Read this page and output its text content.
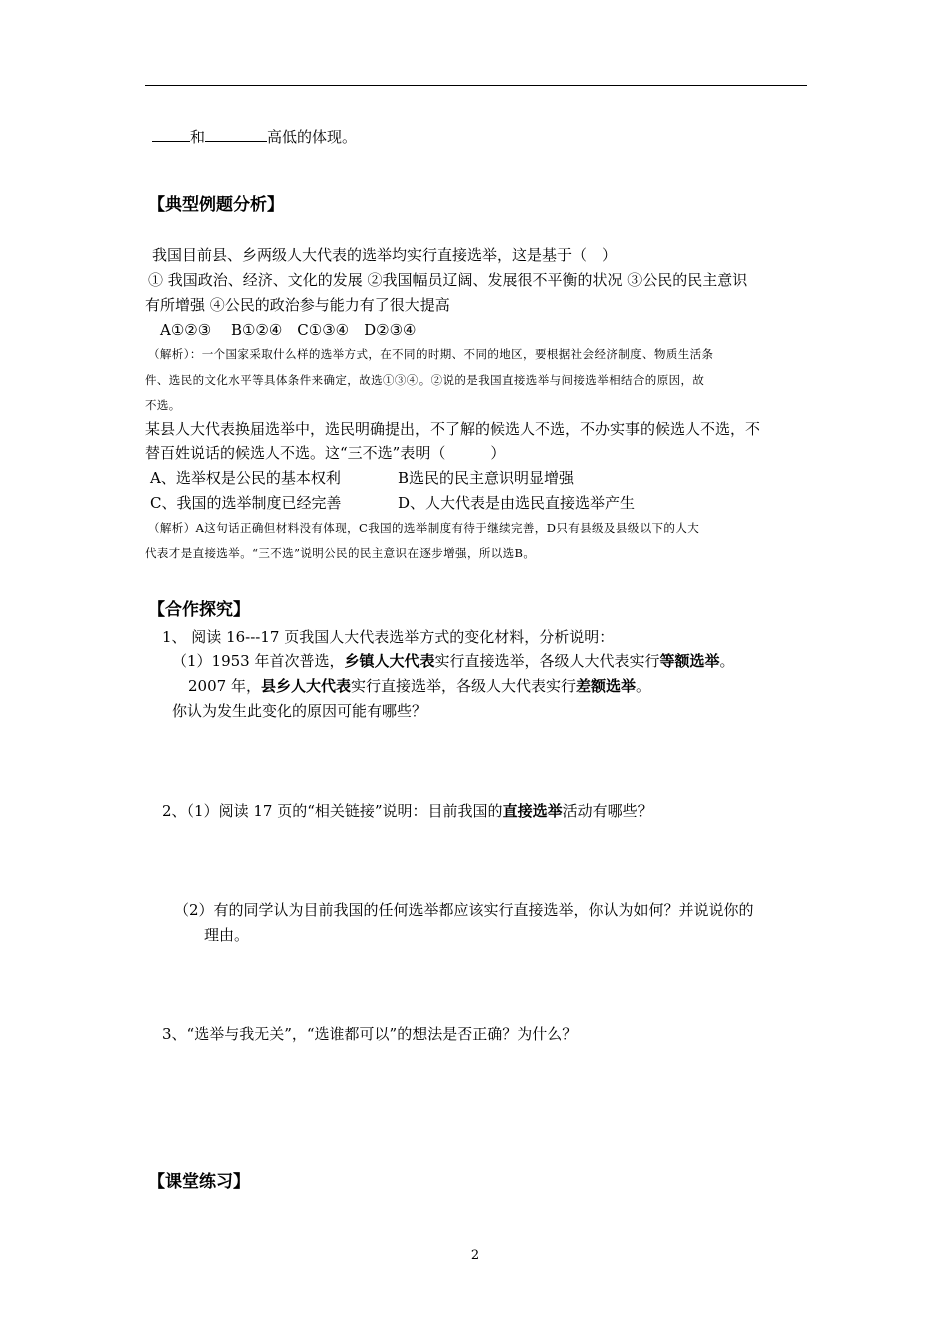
和	高低的体现。
【典型例题分析】
我国目前县、乡两级人大代表的选举均实行直接选举，这是基于（　）
① 我国政治、经济、文化的发展 ②我国幅员辽阔、发展很不平衡的状况 ③公民的民主意识
有所增强 ④公民的政治参与能力有了很大提高
A①②③　 B①②④　C①③④　D②③④
（解析）：一个国家采取什么样的选举方式，在不同的时期、不同的地区，要根据社会经济制度、物质生活条
件、选民的文化水平等具体条件来确定，故选①③④。②说的是我国直接选举与间接选举相结合的原因，故
不选。
某县人大代表换届选举中，选民明确提出，不了解的候选人不选，不办实事的候选人不选，不
替百姓说话的候选人不选。这“三不选”表明（　　　）
A、选举权是公民的基本权利	B选民的民主意识明显增强
C、我国的选举制度已经完善	D、人大代表是由选民直接选举产生
（解析）A这句话正确但材料没有体现，C我国的选举制度有待于继续完善，D只有县级及县级以下的人大
代表才是直接选举。“三不选”说明公民的民主意识在逐步增强，所以选B。
【合作探究】
1、 阅读 16---17 页我国人大代表选举方式的变化材料，分析说明：
（1）1953 年首次普选，乡镇人大代表实行直接选举，各级人大代表实行等额选举。
2007 年，县乡人大代表实行直接选举，各级人大代表实行差额选举。
你认为发生此变化的原因可能有哪些？
2、（1）阅读 17 页的“相关链接”说明：目前我国的直接选举活动有哪些？
（2）有的同学认为目前我国的任何选举都应该实行直接选举，你认为如何？并说说你的
理由。
3、“选举与我无关”，“选谁都可以”的想法是否正确？为什么？
【课堂练习】
2
